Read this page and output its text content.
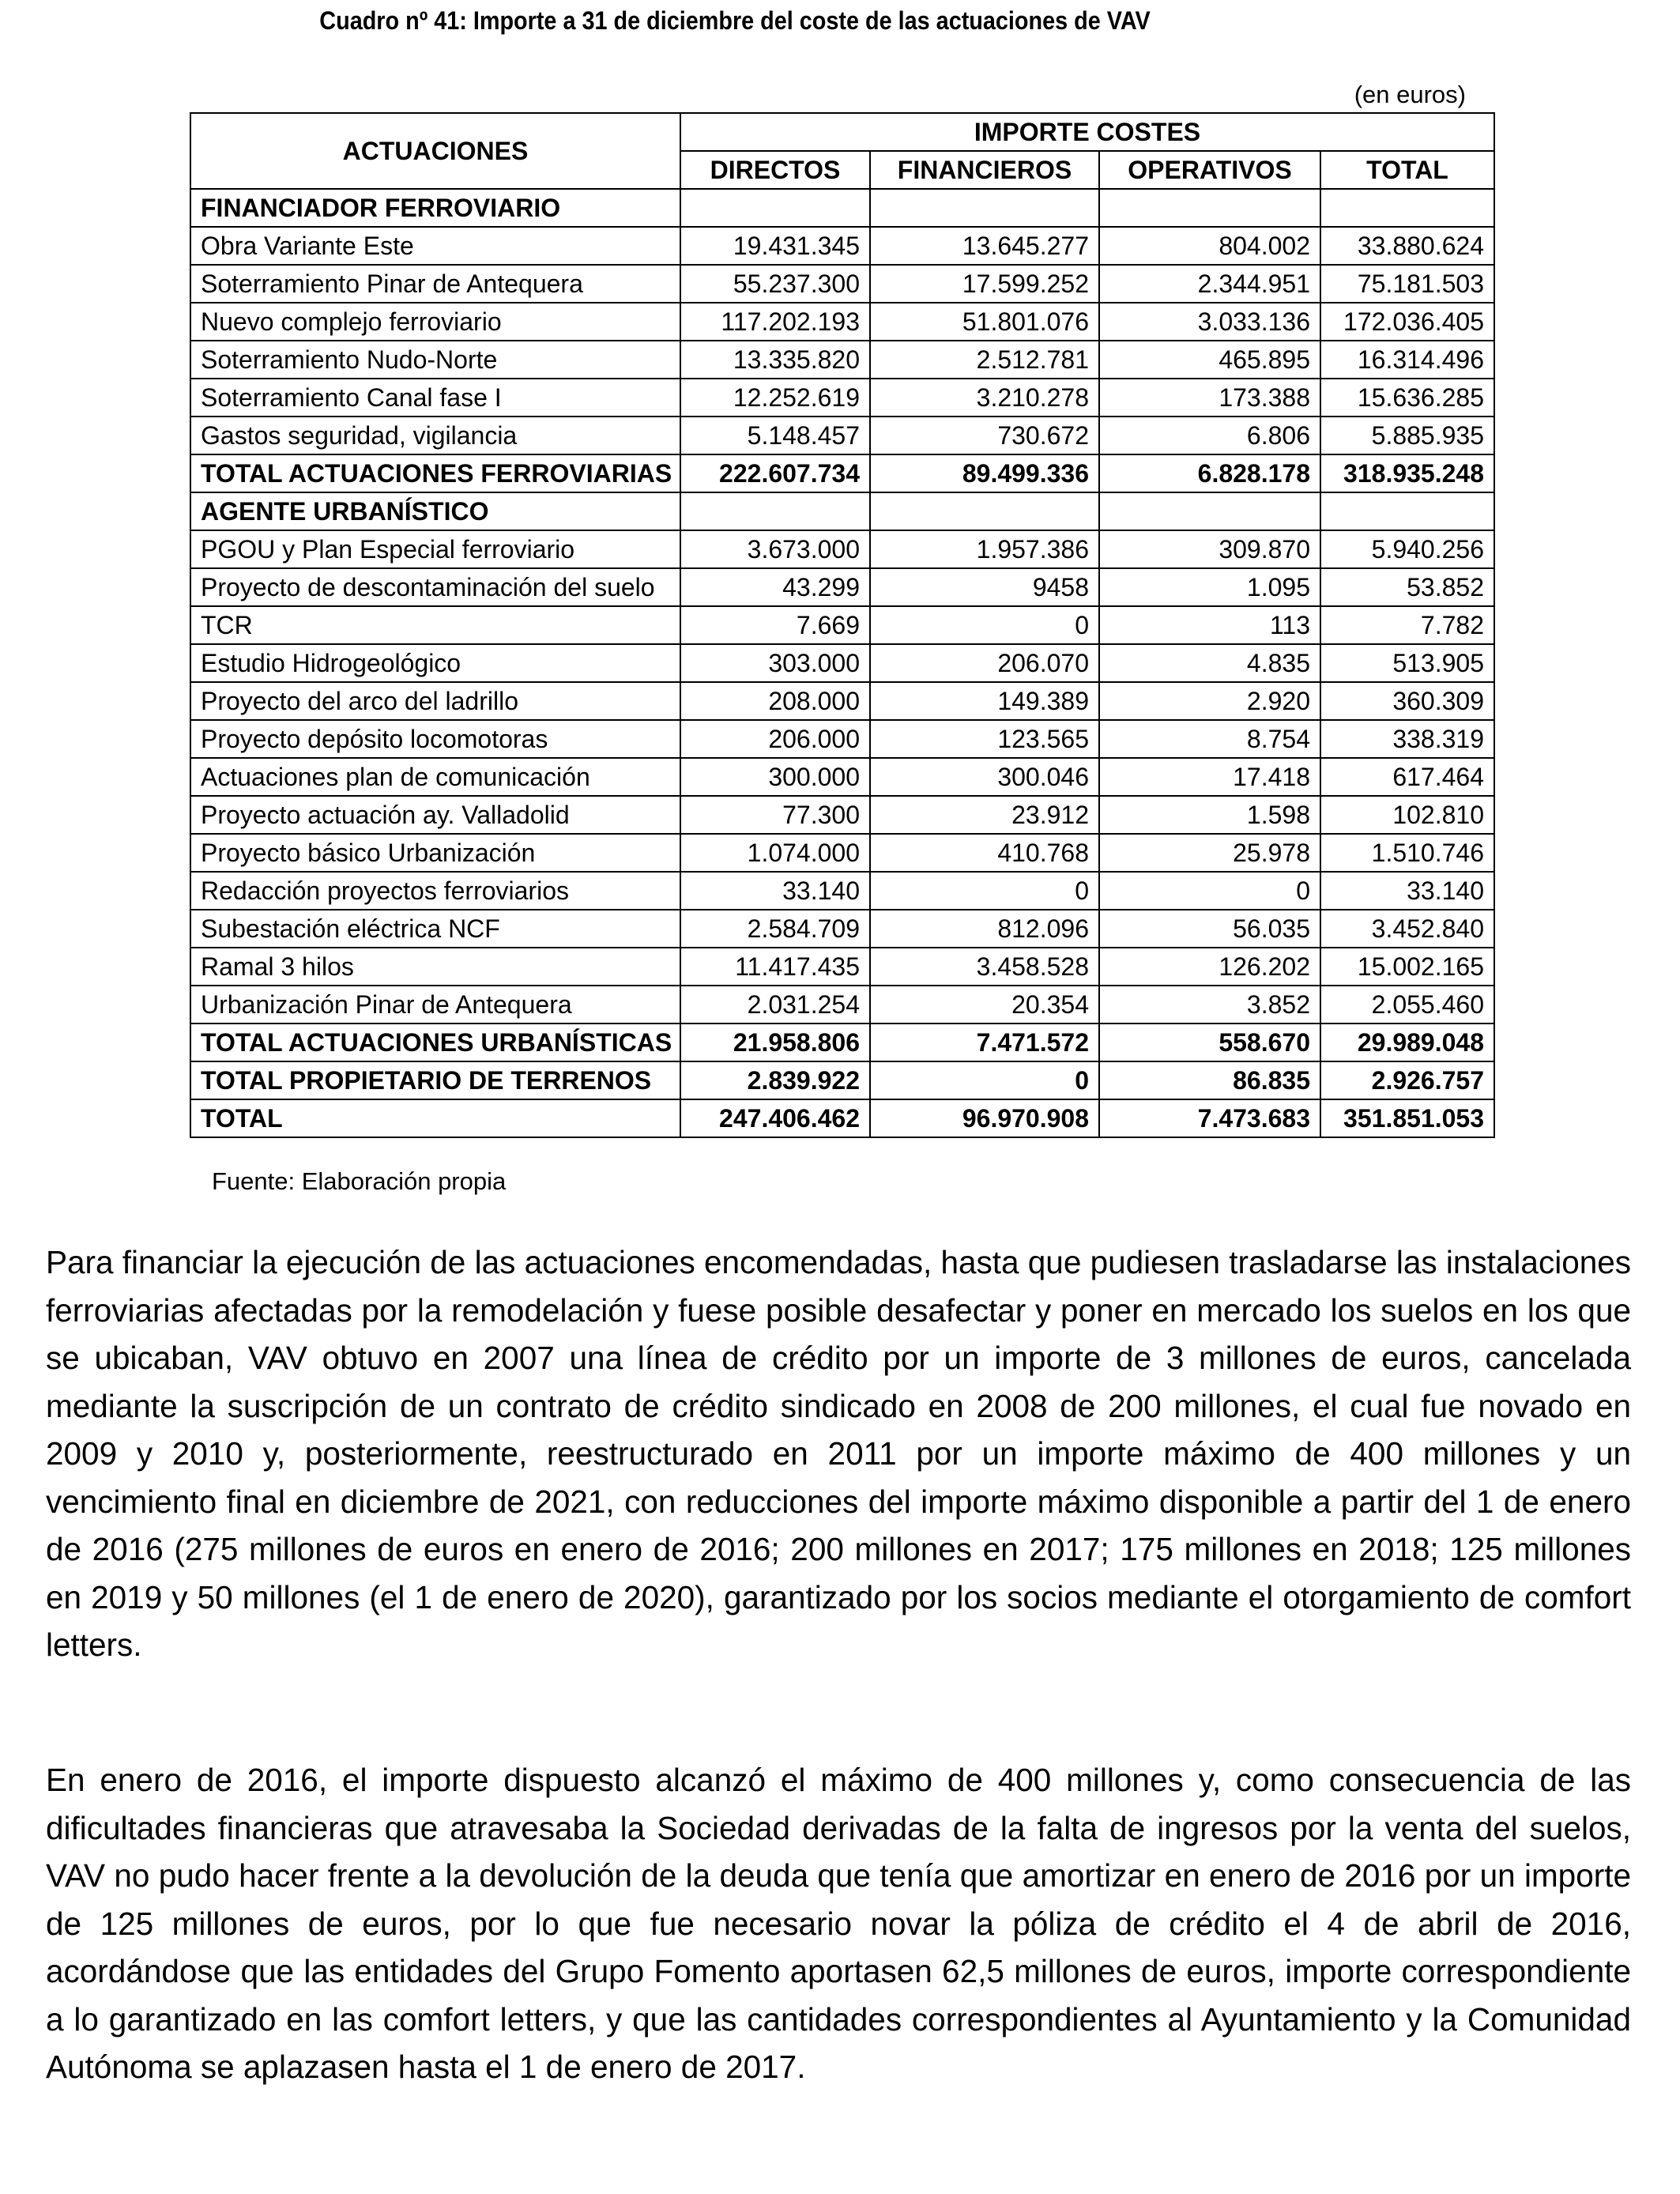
Cuadro nº 41: Importe a 31 de diciembre del coste de las actuaciones de VAV
(en euros)
ACTUACIONES	IMPORTE COSTES			
	DIRECTOS	FINANCIEROS	OPERATIVOS	TOTAL
FINANCIADOR FERROVIARIO				
Obra Variante Este	19.431.345	13.645.277	804.002	33.880.624
Soterramiento Pinar de Antequera	55.237.300	17.599.252	2.344.951	75.181.503
Nuevo complejo ferroviario	117.202.193	51.801.076	3.033.136	172.036.405
Soterramiento Nudo-Norte	13.335.820	2.512.781	465.895	16.314.496
Soterramiento Canal fase I	12.252.619	3.210.278	173.388	15.636.285
Gastos seguridad, vigilancia	5.148.457	730.672	6.806	5.885.935
TOTAL ACTUACIONES FERROVIARIAS	222.607.734	89.499.336	6.828.178	318.935.248
AGENTE URBANÍSTICO				
PGOU y Plan Especial ferroviario	3.673.000	1.957.386	309.870	5.940.256
Proyecto de descontaminación del suelo	43.299	9458	1.095	53.852
TCR	7.669	0	113	7.782
Estudio Hidrogeológico	303.000	206.070	4.835	513.905
Proyecto del arco del ladrillo	208.000	149.389	2.920	360.309
Proyecto depósito locomotoras	206.000	123.565	8.754	338.319
Actuaciones plan de comunicación	300.000	300.046	17.418	617.464
Proyecto actuación ay. Valladolid	77.300	23.912	1.598	102.810
Proyecto básico Urbanización	1.074.000	410.768	25.978	1.510.746
Redacción proyectos ferroviarios	33.140	0	0	33.140
Subestación eléctrica NCF	2.584.709	812.096	56.035	3.452.840
Ramal 3 hilos	11.417.435	3.458.528	126.202	15.002.165
Urbanización Pinar de Antequera	2.031.254	20.354	3.852	2.055.460
TOTAL ACTUACIONES URBANÍSTICAS	21.958.806	7.471.572	558.670	29.989.048
TOTAL PROPIETARIO DE TERRENOS	2.839.922	0	86.835	2.926.757
TOTAL	247.406.462	96.970.908	7.473.683	351.851.053
Fuente: Elaboración propia

Para financiar la ejecución de las actuaciones encomendadas, hasta que pudiesen trasladarse las instalaciones ferroviarias afectadas por la remodelación y fuese posible desafectar y poner en mercado los suelos en los que se ubicaban, VAV obtuvo en 2007 una línea de crédito por un importe de 3 millones de euros, cancelada mediante la suscripción de un contrato de crédito sindicado en 2008 de 200 millones, el cual fue novado en 2009 y 2010 y, posteriormente, reestructurado en 2011 por un importe máximo de 400 millones y un vencimiento final en diciembre de 2021, con reducciones del importe máximo disponible a partir del 1 de enero de 2016 (275 millones de euros en enero de 2016; 200 millones en 2017; 175 millones en 2018; 125 millones en 2019 y 50 millones (el 1 de enero de 2020), garantizado por los socios mediante el otorgamiento de comfort letters.

En enero de 2016, el importe dispuesto alcanzó el máximo de 400 millones y, como consecuencia de las dificultades financieras que atravesaba la Sociedad derivadas de la falta de ingresos por la venta del suelos, VAV no pudo hacer frente a la devolución de la deuda que tenía que amortizar en enero de 2016 por un importe de 125 millones de euros, por lo que fue necesario novar la póliza de crédito el 4 de abril de 2016, acordándose que las entidades del Grupo Fomento aportasen 62,5 millones de euros, importe correspondiente a lo garantizado en las comfort letters, y que las cantidades correspondientes al Ayuntamiento y la Comunidad Autónoma se aplazasen hasta el 1 de enero de 2017.
